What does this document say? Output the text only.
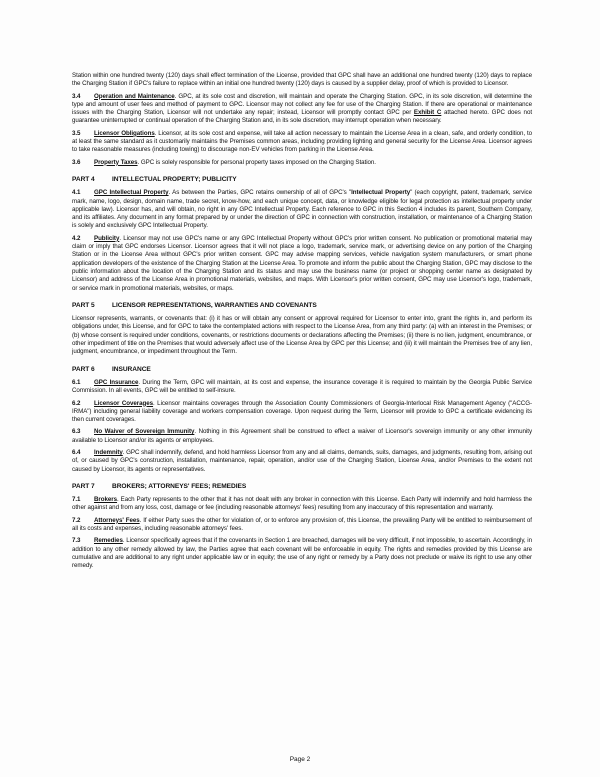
Station within one hundred twenty (120) days shall effect termination of the License, provided that GPC shall have an additional one hundred twenty (120) days to replace the Charging Station if GPC's failure to replace within an initial one hundred twenty (120) days is caused by a supplier delay, proof of which is provided to Licensor.

3.4 Operation and Maintenance. GPC, at its sole cost and discretion, will maintain and operate the Charging Station. GPC, in its sole discretion, will determine the type and amount of user fees and method of payment to GPC. Licensor may not collect any fee for use of the Charging Station. If there are operational or maintenance issues with the Charging Station, Licensor will not undertake any repair; instead, Licensor will promptly contact GPC per Exhibit C attached hereto. GPC does not guarantee uninterrupted or continual operation of the Charging Station and, in its sole discretion, may interrupt operation when necessary.

3.5 Licensor Obligations. Licensor, at its sole cost and expense, will take all action necessary to maintain the License Area in a clean, safe, and orderly condition, to at least the same standard as it customarily maintains the Premises common areas, including providing lighting and general security for the License Area. Licensor agrees to take reasonable measures (including towing) to discourage non-EV vehicles from parking in the License Area.

3.6 Property Taxes. GPC is solely responsible for personal property taxes imposed on the Charging Station.

PART 4	INTELLECTUAL PROPERTY; PUBLICITY

4.1 GPC Intellectual Property. As between the Parties, GPC retains ownership of all of GPC's "Intellectual Property" (each copyright, patent, trademark, service mark, name, logo, design, domain name, trade secret, know-how, and each unique concept, data, or knowledge eligible for legal protection as intellectual property under applicable law). Licensor has, and will obtain, no right in any GPC Intellectual Property. Each reference to GPC in this Section 4 includes its parent, Southern Company, and its affiliates. Any document in any format prepared by or under the direction of GPC in connection with construction, installation, or maintenance of a Charging Station is solely and exclusively GPC Intellectual Property.

4.2 Publicity. Licensor may not use GPC's name or any GPC Intellectual Property without GPC's prior written consent. No publication or promotional material may claim or imply that GPC endorses Licensor. Licensor agrees that it will not place a logo, trademark, service mark, or advertising device on any portion of the Charging Station or in the License Area without GPC's prior written consent. GPC may advise mapping services, vehicle navigation system manufacturers, or smart phone application developers of the existence of the Charging Station at the License Area. To promote and inform the public about the Charging Station, GPC may disclose to the public information about the location of the Charging Station and its status and may use the business name (or project or shopping center name as designated by Licensor) and address of the License Area in promotional materials, websites, and maps. With Licensor's prior written consent, GPC may use Licensor's logo, trademark, or service mark in promotional materials, websites, or maps.

PART 5	LICENSOR REPRESENTATIONS, WARRANTIES AND COVENANTS

Licensor represents, warrants, or covenants that: (i) it has or will obtain any consent or approval required for Licensor to enter into, grant the rights in, and perform its obligations under, this License, and for GPC to take the contemplated actions with respect to the License Area, from any third party: (a) with an interest in the Premises; or (b) whose consent is required under conditions, covenants, or restrictions documents or declarations affecting the Premises; (ii) there is no lien, judgment, encumbrance, or other impediment of title on the Premises that would adversely affect use of the License Area by GPC per this License; and (iii) it will maintain the Premises free of any lien, judgment, encumbrance, or impediment throughout the Term.

PART 6	INSURANCE

6.1 GPC Insurance. During the Term, GPC will maintain, at its cost and expense, the insurance coverage it is required to maintain by the Georgia Public Service Commission. In all events, GPC will be entitled to self-insure.

6.2 Licensor Coverages. Licensor maintains coverages through the Association County Commissioners of Georgia-Interlocal Risk Management Agency ("ACCG-IRMA") including general liability coverage and workers compensation coverage. Upon request during the Term, Licensor will provide to GPC a certificate evidencing its then current coverages.

6.3 No Waiver of Sovereign Immunity. Nothing in this Agreement shall be construed to effect a waiver of Licensor's sovereign immunity or any other immunity available to Licensor and/or its agents or employees.

6.4 Indemnity. GPC shall indemnify, defend, and hold harmless Licensor from any and all claims, demands, suits, damages, and judgments, resulting from, arising out of, or caused by GPC's construction, installation, maintenance, repair, operation, and/or use of the Charging Station, License Area, and/or Premises to the extent not caused by Licensor, its agents or representatives.

PART 7	BROKERS; ATTORNEYS' FEES; REMEDIES

7.1 Brokers. Each Party represents to the other that it has not dealt with any broker in connection with this License. Each Party will indemnify and hold harmless the other against and from any loss, cost, damage or fee (including reasonable attorneys' fees) resulting from any inaccuracy of this representation and warranty.

7.2 Attorneys' Fees. If either Party sues the other for violation of, or to enforce any provision of, this License, the prevailing Party will be entitled to reimbursement of all its costs and expenses, including reasonable attorneys' fees.

7.3 Remedies. Licensor specifically agrees that if the covenants in Section 1 are breached, damages will be very difficult, if not impossible, to ascertain. Accordingly, in addition to any other remedy allowed by law, the Parties agree that each covenant will be enforceable in equity. The rights and remedies provided by this License are cumulative and are additional to any right under applicable law or in equity; the use of any right or remedy by a Party does not preclude or waive its right to use any other remedy.

Page 2
